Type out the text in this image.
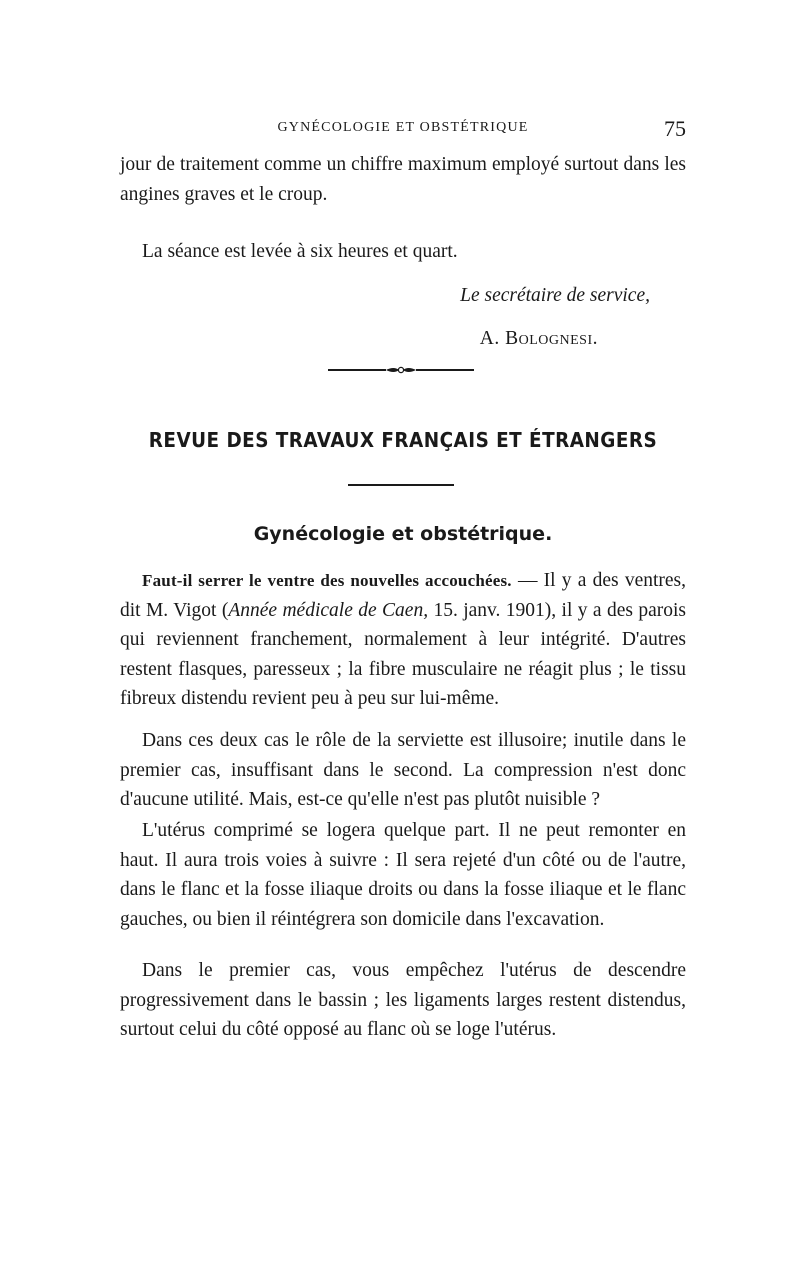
GYNÉCOLOGIE ET OBSTÉTRIQUE	75

jour de traitement comme un chiffre maximum employé surtout dans les angines graves et le croup.

La séance est levée à six heures et quart.

Le secrétaire de service,
A. Bolognesi.
REVUE DES TRAVAUX FRANÇAIS ET ÉTRANGERS
Gynécologie et obstétrique.

Faut-il serrer le ventre des nouvelles accouchées. — Il y a des ventres, dit M. Vigot (Année médicale de Caen, 15. janv. 1901), il y a des parois qui reviennent franchement, normalement à leur intégrité. D'autres restent flasques, paresseux ; la fibre musculaire ne réagit plus ; le tissu fibreux distendu revient peu à peu sur lui-même.

Dans ces deux cas le rôle de la serviette est illusoire; inutile dans le premier cas, insuffisant dans le second. La compression n'est donc d'aucune utilité. Mais, est-ce qu'elle n'est pas plutôt nuisible ?

L'utérus comprimé se logera quelque part. Il ne peut remonter en haut. Il aura trois voies à suivre : Il sera rejeté d'un côté ou de l'autre, dans le flanc et la fosse iliaque droits ou dans la fosse iliaque et le flanc gauches, ou bien il réintégrera son domicile dans l'excavation.

Dans le premier cas, vous empêchez l'utérus de descendre progressivement dans le bassin ; les ligaments larges restent distendus, surtout celui du côté opposé au flanc où se loge l'utérus.
